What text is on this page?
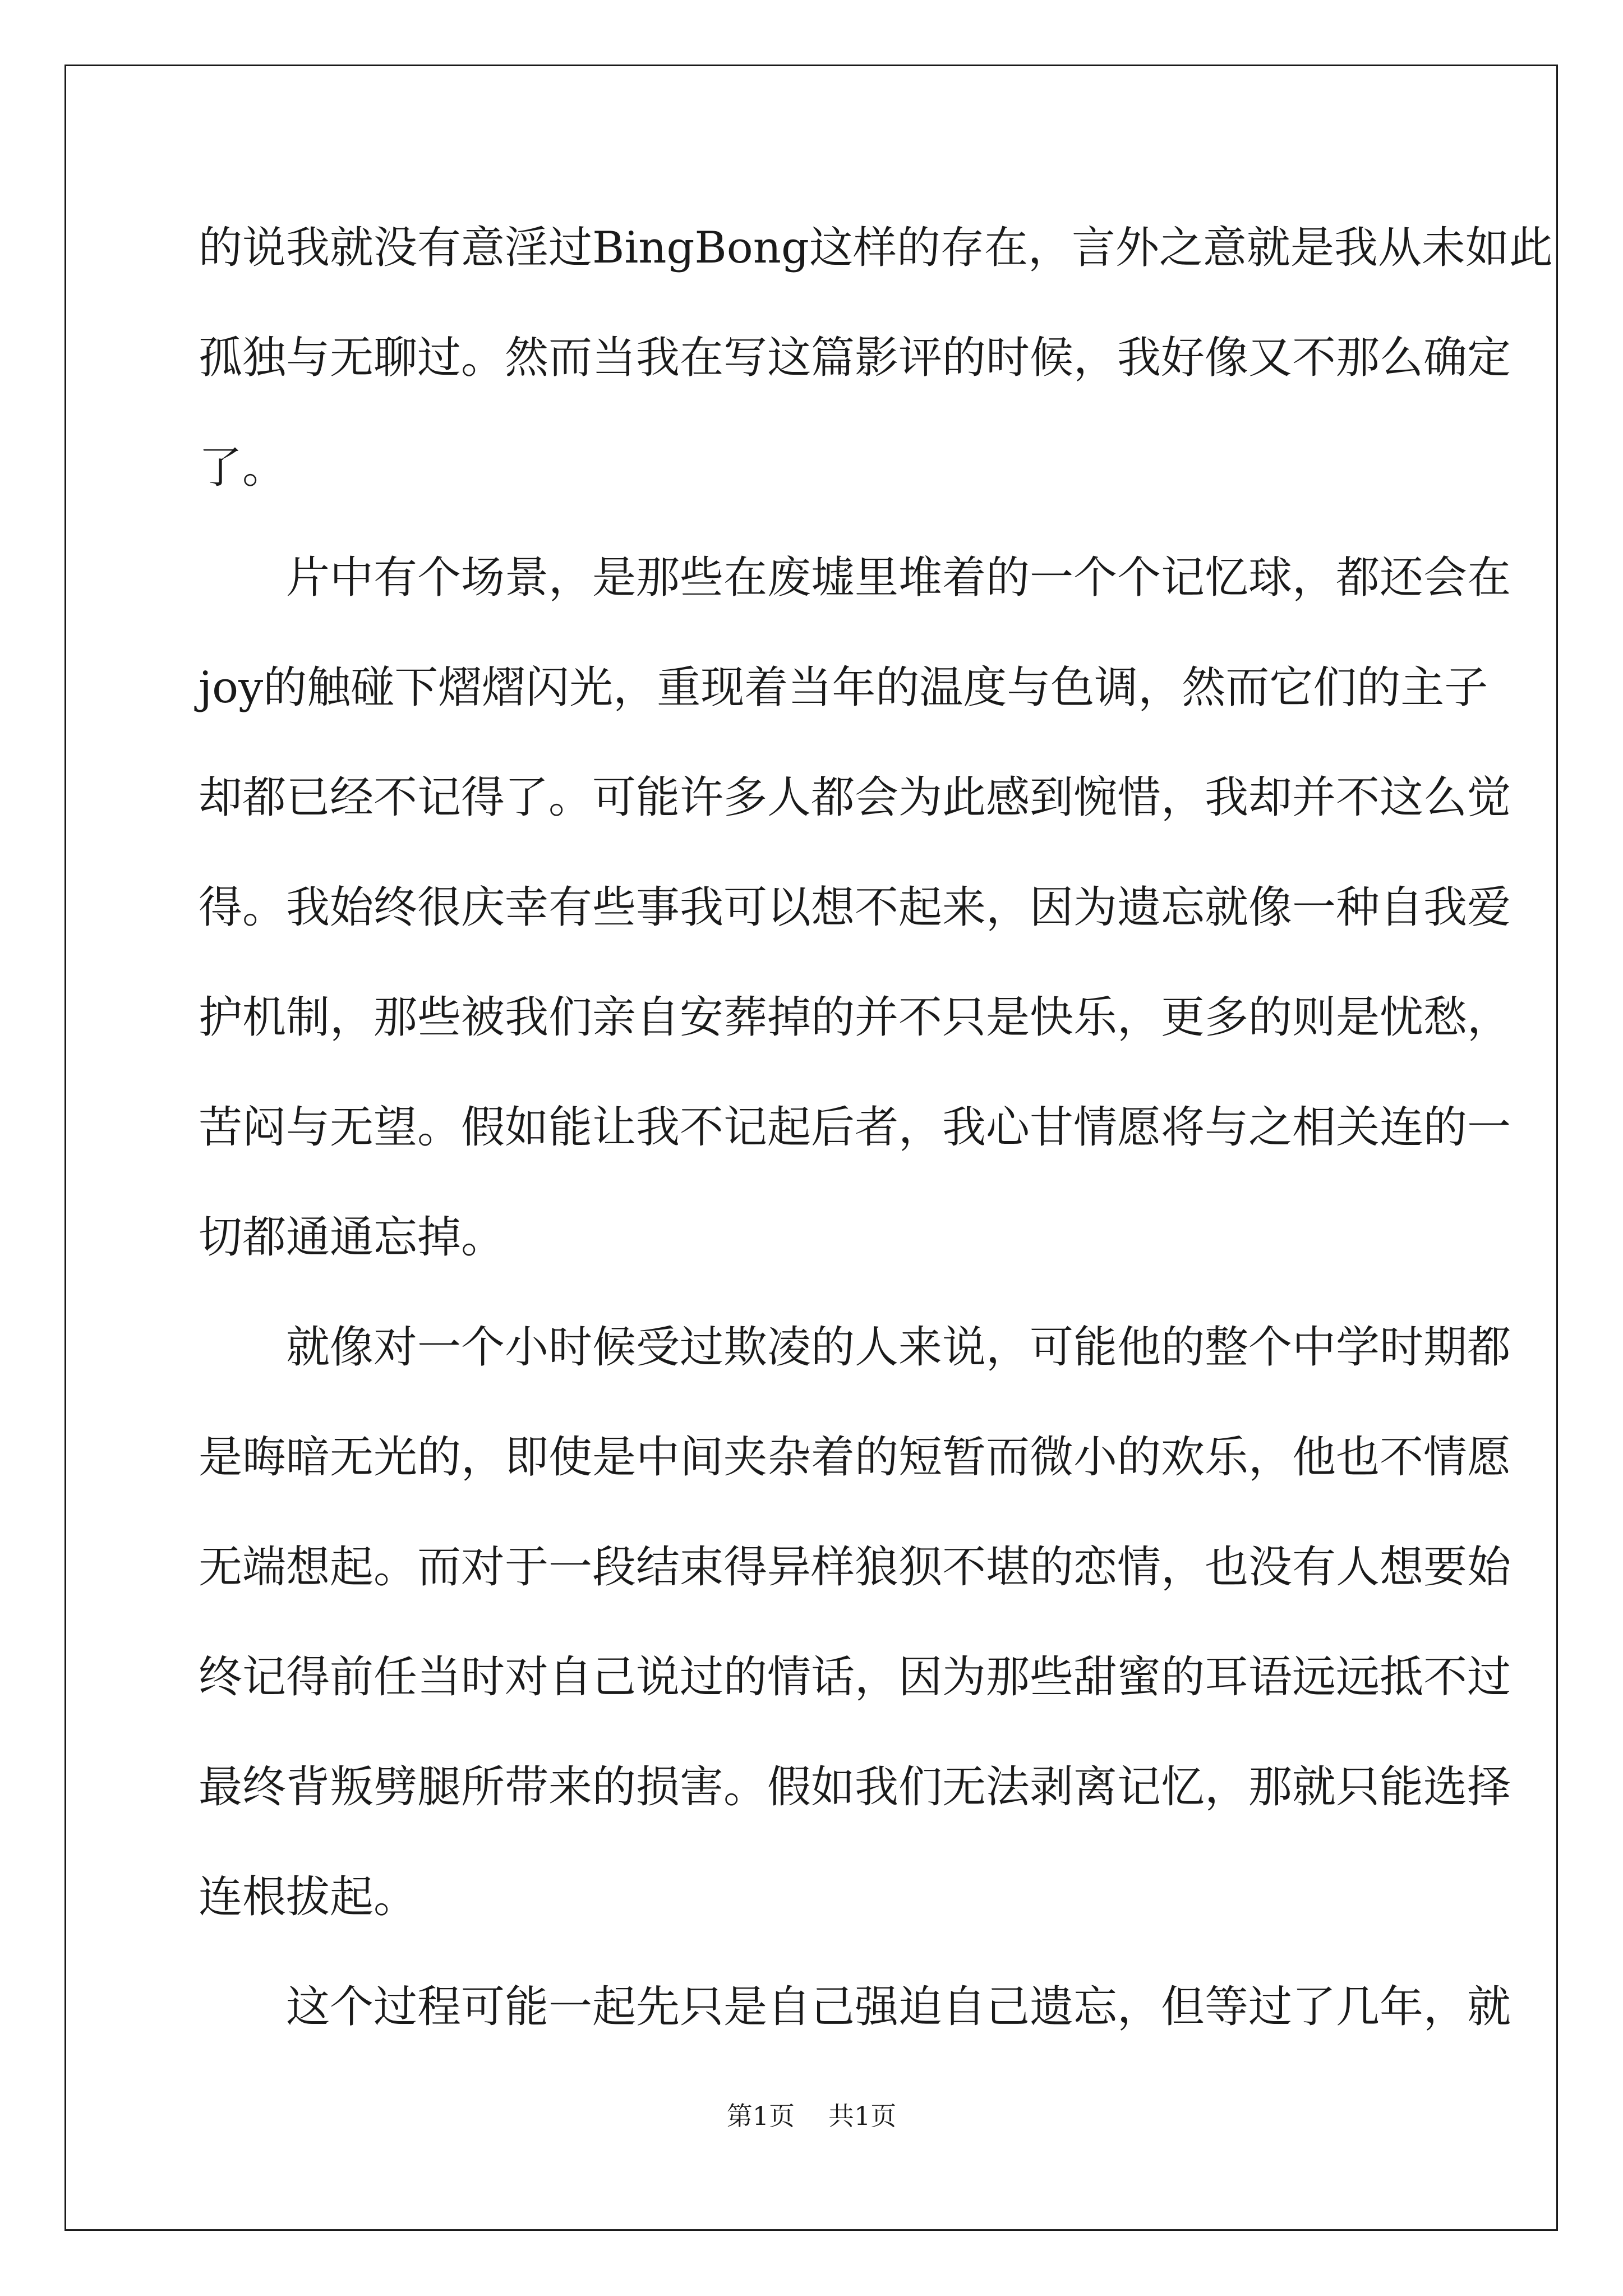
的说我就没有意淫过BingBong这样的存在，言外之意就是我从未如此
孤独与无聊过。然而当我在写这篇影评的时候，我好像又不那么确定
了。
片中有个场景，是那些在废墟里堆着的一个个记忆球，都还会在
joy的触碰下熠熠闪光，重现着当年的温度与色调，然而它们的主子
却都已经不记得了。可能许多人都会为此感到惋惜，我却并不这么觉
得。我始终很庆幸有些事我可以想不起来，因为遗忘就像一种自我爱
护机制，那些被我们亲自安葬掉的并不只是快乐，更多的则是忧愁，
苦闷与无望。假如能让我不记起后者，我心甘情愿将与之相关连的一
切都通通忘掉。
就像对一个小时候受过欺凌的人来说，可能他的整个中学时期都
是晦暗无光的，即使是中间夹杂着的短暂而微小的欢乐，他也不情愿
无端想起。而对于一段结束得异样狼狈不堪的恋情，也没有人想要始
终记得前任当时对自己说过的情话，因为那些甜蜜的耳语远远抵不过
最终背叛劈腿所带来的损害。假如我们无法剥离记忆，那就只能选择
连根拔起。
这个过程可能一起先只是自己强迫自己遗忘，但等过了几年，就
第1页 共1页
